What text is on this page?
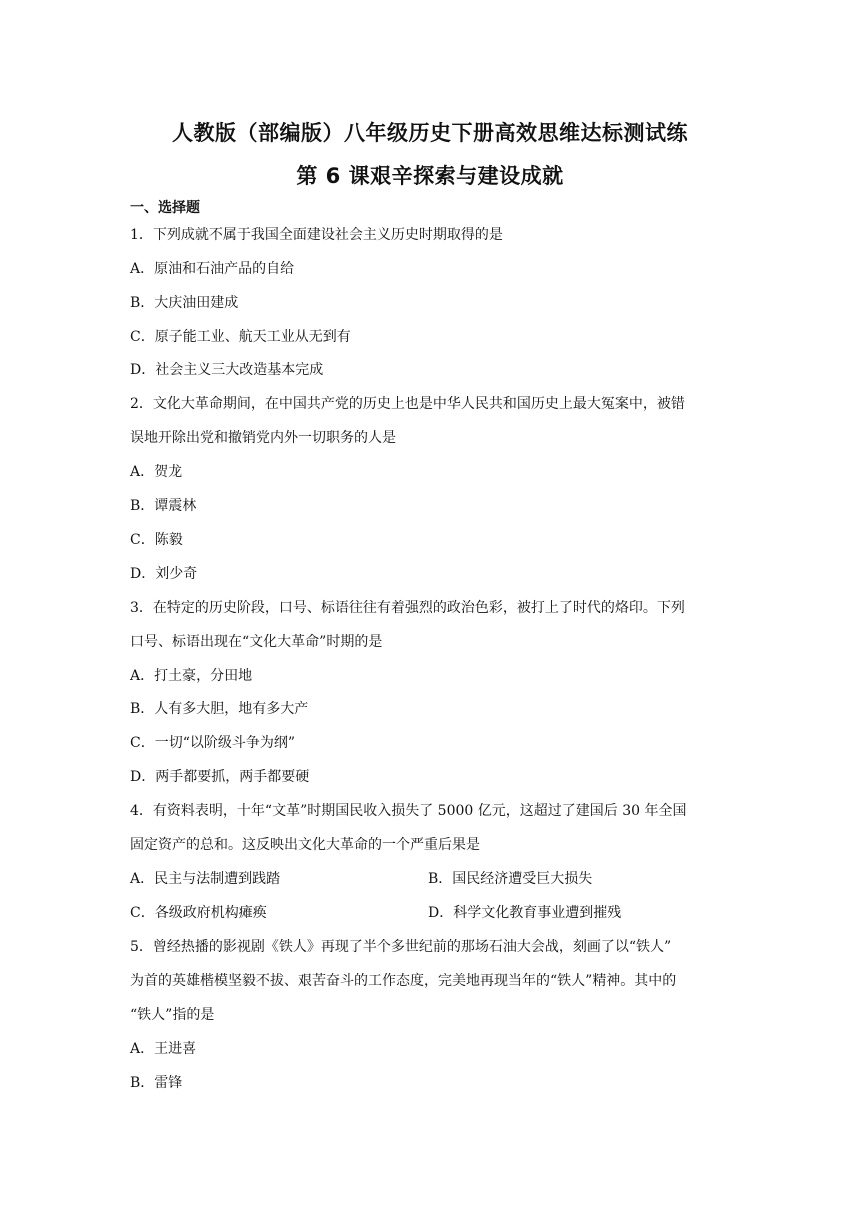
人教版（部编版）八年级历史下册高效思维达标测试练
第 6 课艰辛探索与建设成就
一、选择题
1．下列成就不属于我国全面建设社会主义历史时期取得的是
A．原油和石油产品的自给
B．大庆油田建成
C．原子能工业、航天工业从无到有
D．社会主义三大改造基本完成
2．文化大革命期间，在中国共产党的历史上也是中华人民共和国历史上最大冤案中，被错
误地开除出党和撤销党内外一切职务的人是
A．贺龙
B．谭震林
C．陈毅
D．刘少奇
3．在特定的历史阶段，口号、标语往往有着强烈的政治色彩，被打上了时代的烙印。下列
口号、标语出现在“文化大革命”时期的是
A．打土豪，分田地
B．人有多大胆，地有多大产
C．一切“以阶级斗争为纲”
D．两手都要抓，两手都要硬
4．有资料表明，十年“文革”时期国民收入损失了 5000 亿元，这超过了建国后 30 年全国
固定资产的总和。这反映出文化大革命的一个严重后果是
A．民主与法制遭到践踏	B．国民经济遭受巨大损失
C．各级政府机构瘫痪	D．科学文化教育事业遭到摧残
5．曾经热播的影视剧《铁人》再现了半个多世纪前的那场石油大会战，刻画了以“铁人”
为首的英雄楷模坚毅不拔、艰苦奋斗的工作态度，完美地再现当年的“铁人”精神。其中的
“铁人”指的是
A．王进喜
B．雷锋
